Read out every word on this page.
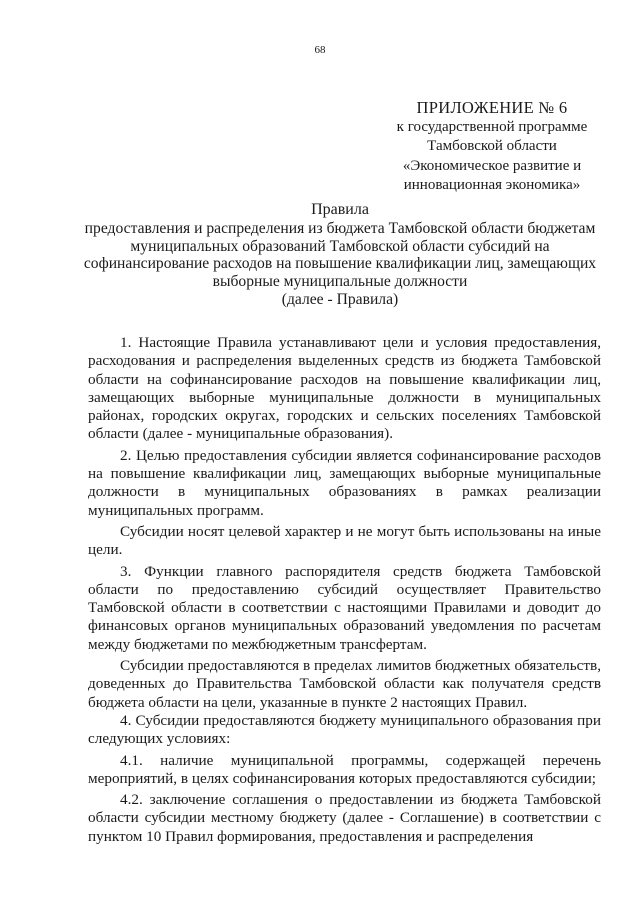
68
ПРИЛОЖЕНИЕ № 6
к государственной программе
Тамбовской области
«Экономическое развитие и
инновационная экономика»
Правила
предоставления и распределения из бюджета Тамбовской области бюджетам
муниципальных образований Тамбовской области субсидий на
софинансирование расходов на повышение квалификации лиц, замещающих
выборные муниципальные должности
(далее - Правила)

1. Настоящие Правила устанавливают цели и условия предоставления, расходования и распределения выделенных средств из бюджета Тамбовской области на софинансирование расходов на повышение квалификации лиц, замещающих выборные муниципальные должности в муниципальных районах, городских округах, городских и сельских поселениях Тамбовской области (далее - муниципальные образования).

2. Целью предоставления субсидии является софинансирование расходов на повышение квалификации лиц, замещающих выборные муниципальные должности в муниципальных образованиях в рамках реализации муниципальных программ.

Субсидии носят целевой характер и не могут быть использованы на иные цели.

3. Функции главного распорядителя средств бюджета Тамбовской области по предоставлению субсидий осуществляет Правительство Тамбовской области в соответствии с настоящими Правилами и доводит до финансовых органов муниципальных образований уведомления по расчетам между бюджетами по межбюджетным трансфертам.

Субсидии предоставляются в пределах лимитов бюджетных обязательств, доведенных до Правительства Тамбовской области как получателя средств бюджета области на цели, указанные в пункте 2 настоящих Правил.

4. Субсидии предоставляются бюджету муниципального образования при следующих условиях:

4.1. наличие муниципальной программы, содержащей перечень мероприятий, в целях софинансирования которых предоставляются субсидии;

4.2. заключение соглашения о предоставлении из бюджета Тамбовской области субсидии местному бюджету (далее - Соглашение) в соответствии с пунктом 10 Правил формирования, предоставления и распределения
